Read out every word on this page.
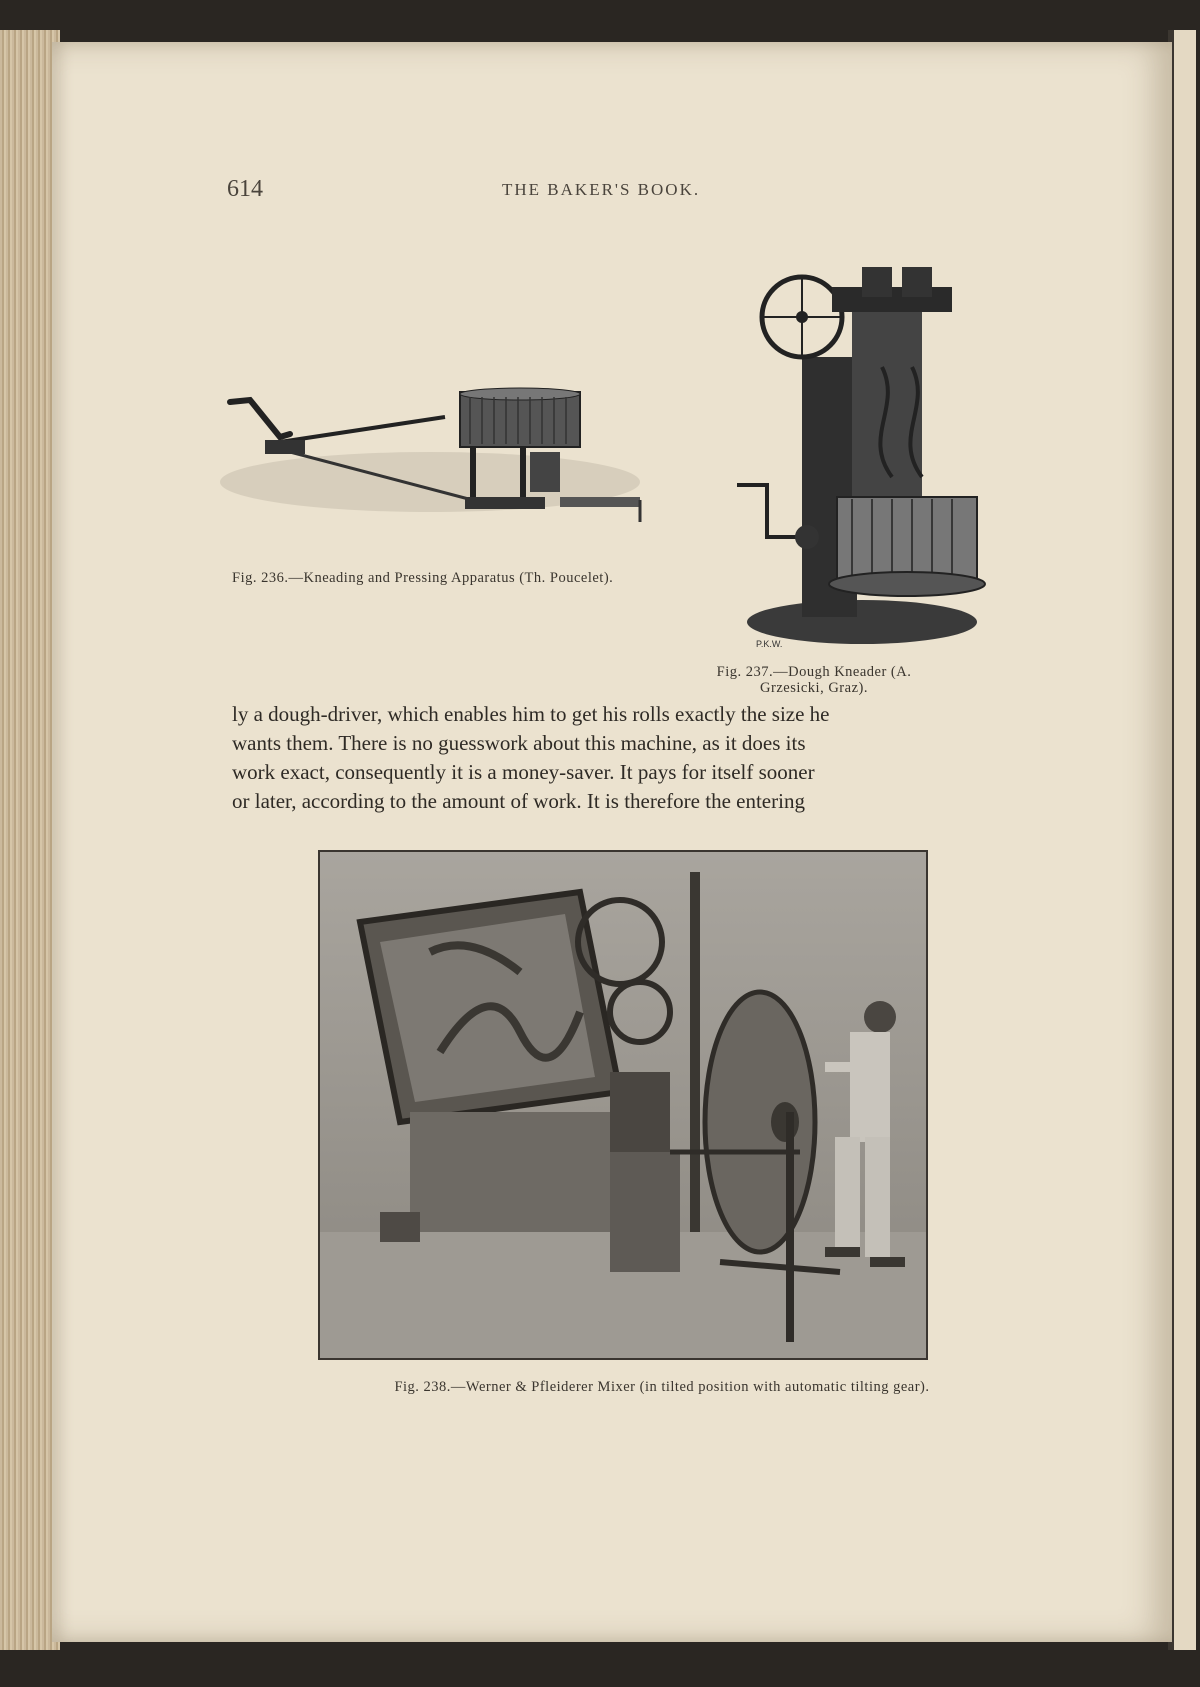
614	THE BAKER'S BOOK.
Fig. 236.—Kneading and Pressing Apparatus (Th. Poucelet).
P.K.W.
Fig. 237.—Dough Kneader (A.
Grzesicki, Graz).
ly a dough-driver, which enables him to get his rolls exactly the size he
wants them. There is no guesswork about this machine, as it does its
work exact, consequently it is a money-saver. It pays for itself sooner
or later, according to the amount of work. It is therefore the entering
Fig. 238.—Werner & Pfleiderer Mixer (in tilted position with automatic tilting gear).
